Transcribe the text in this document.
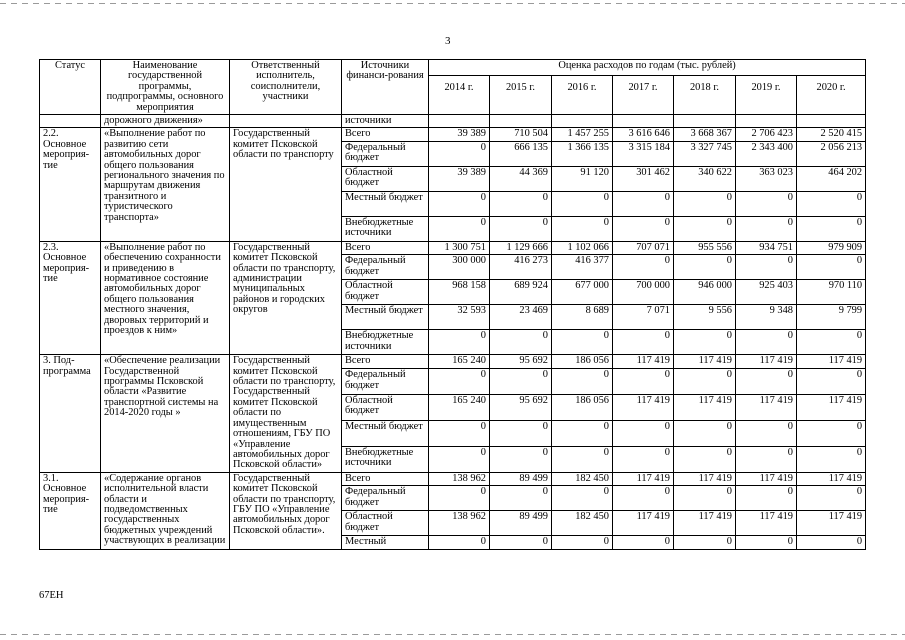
3
Статус	Наименование государственной программы, подпрограммы, основного мероприятия	Ответственный исполнитель, соисполнители, участники	Источники финанси-рования	Оценка расходов по годам (тыс. рублей)						
				2014 г.	2015 г.	2016 г.	2017 г.	2018 г.	2019 г.	2020 г.
	дорожного движения»		источники							
2.2. Основное мероприя-тие	«Выполнение работ по развитию сети автомобильных дорог общего пользования регионального значения по маршрутам движения транзитного и туристического транспорта»	Государственный комитет Псковской области по транспорту	Всего	39 389	710 504	1 457 255	3 616 646	3 668 367	2 706 423	2 520 415
			Федеральный бюджет	0	666 135	1 366 135	3 315 184	3 327 745	2 343 400	2 056 213
			Областной бюджет	39 389	44 369	91 120	301 462	340 622	363 023	464 202
			Местный бюджет	0	0	0	0	0	0	0
			Внебюджетные источники	0	0	0	0	0	0	0
2.3. Основное мероприя-тие	«Выполнение работ по обеспечению сохранности и приведению в нормативное состояние автомобильных дорог общего пользования местного значения, дворовых территорий и проездов к ним»	Государственный комитет Псковской области по транспорту, администрации муниципальных районов и городских округов	Всего	1 300 751	1 129 666	1 102 066	707 071	955 556	934 751	979 909
			Федеральный бюджет	300 000	416 273	416 377	0	0	0	0
			Областной бюджет	968 158	689 924	677 000	700 000	946 000	925 403	970 110
			Местный бюджет	32 593	23 469	8 689	7 071	9 556	9 348	9 799
			Внебюджетные источники	0	0	0	0	0	0	0
3. Под-программа	«Обеспечение реализации Государственной программы Псковской области «Развитие транспортной системы на 2014-2020 годы »	Государственный комитет Псковской области по транспорту, Государственный комитет Псковской области по имущественным отношениям, ГБУ ПО «Управление автомобильных дорог Псковской области»	Всего	165 240	95 692	186 056	117 419	117 419	117 419	117 419
			Федеральный бюджет	0	0	0	0	0	0	0
			Областной бюджет	165 240	95 692	186 056	117 419	117 419	117 419	117 419
			Местный бюджет	0	0	0	0	0	0	0
			Внебюджетные источники	0	0	0	0	0	0	0
3.1. Основное мероприя-тие	«Содержание органов исполнительной власти области и подведомственных государственных бюджетных учреждений участвующих в реализации	Государственный комитет Псковской области по транспорту, ГБУ ПО «Управление автомобильных дорог Псковской области».	Всего	138 962	89 499	182 450	117 419	117 419	117 419	117 419
			Федеральный бюджет	0	0	0	0	0	0	0
			Областной бюджет	138 962	89 499	182 450	117 419	117 419	117 419	117 419
			Местный	0	0	0	0	0	0	0
67ЕН
